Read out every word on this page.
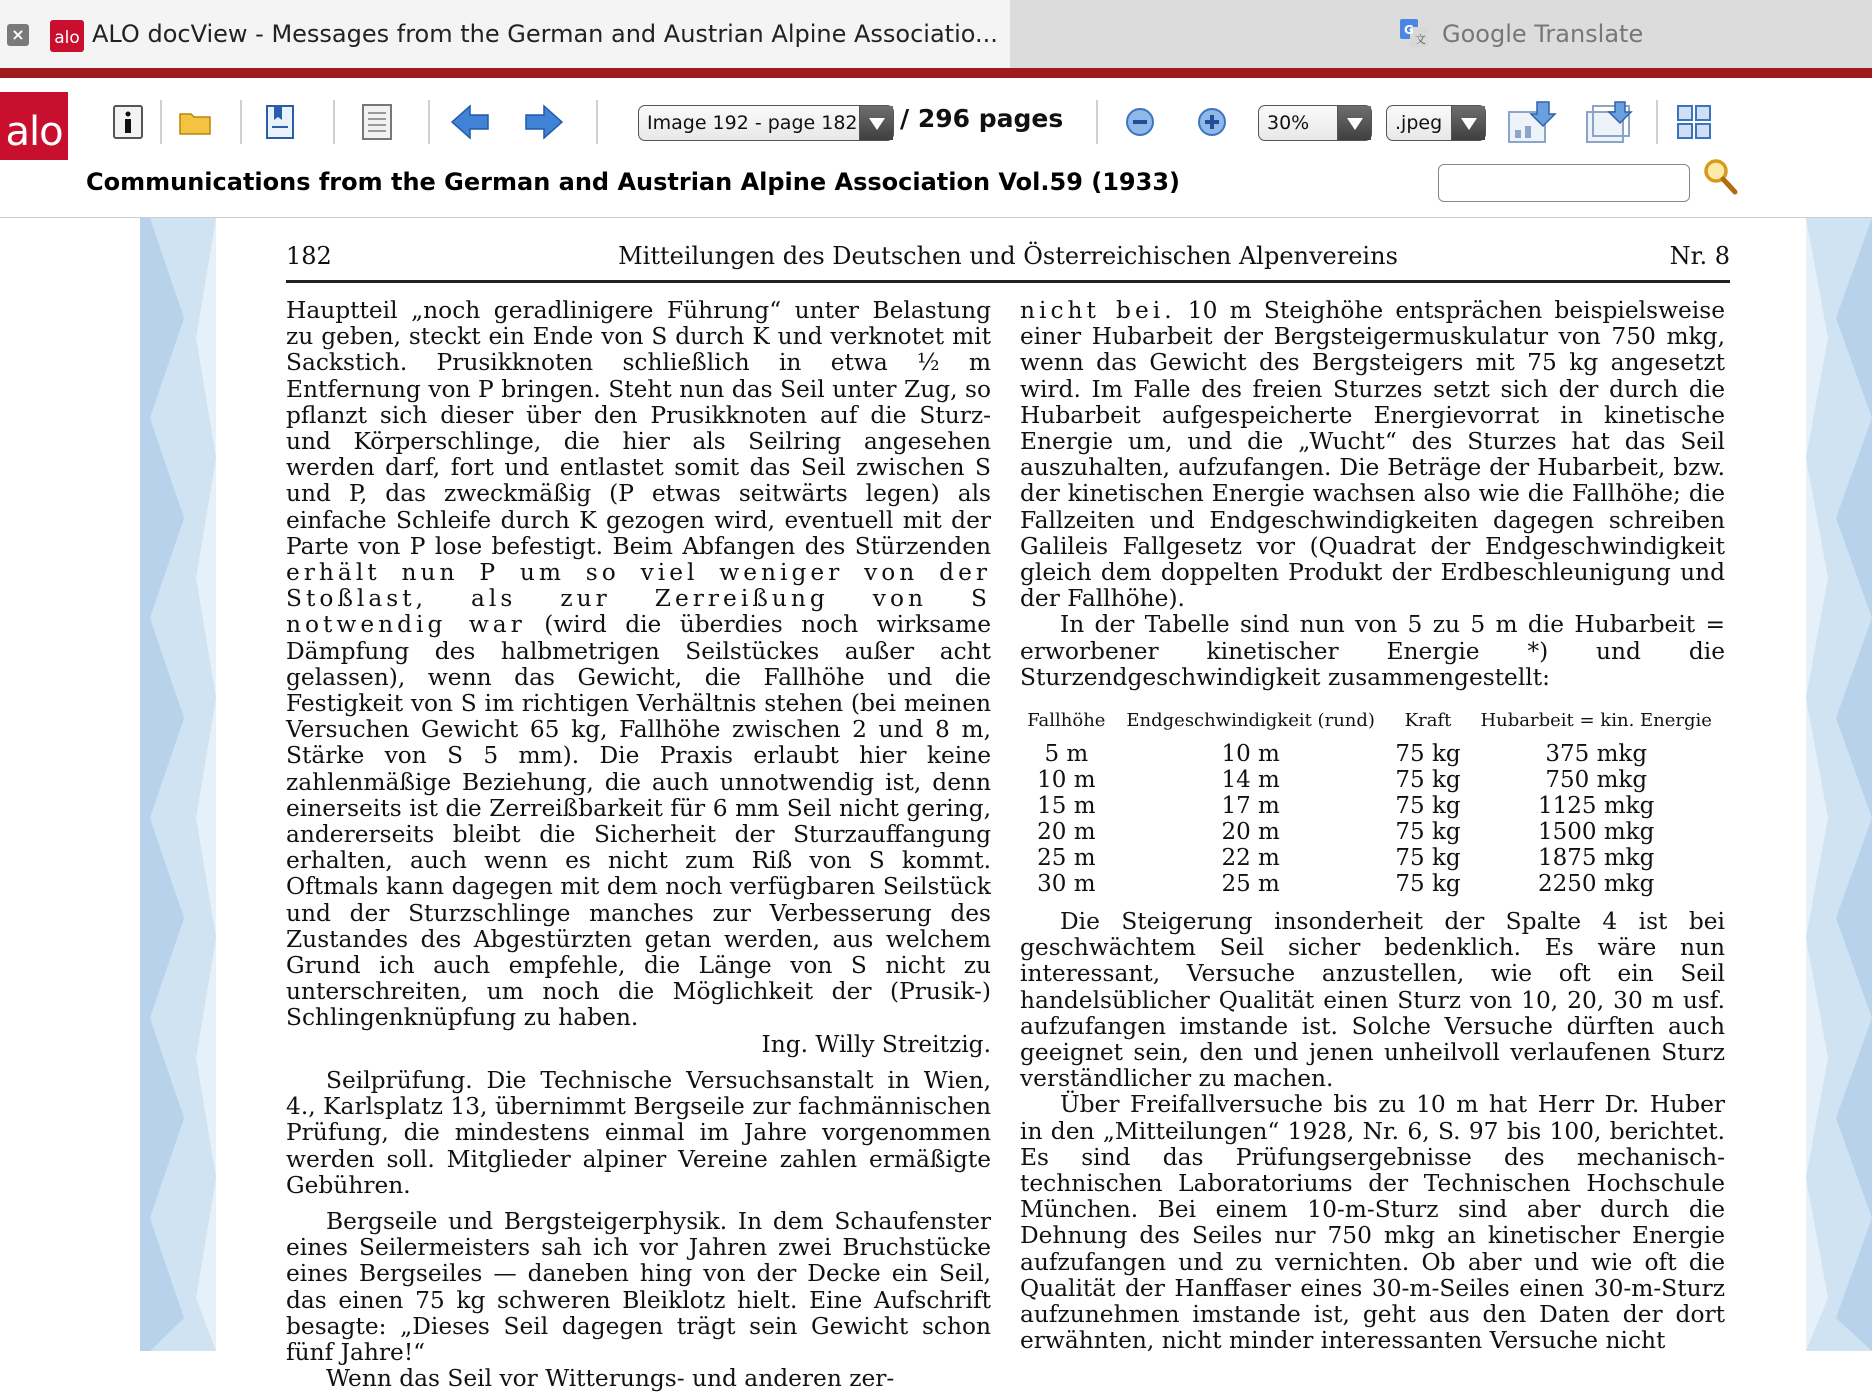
× alo ALO docView - Messages from the German and Austrian Alpine Associatio...	G
文 Google Translate
alo	Image 192 - page 182	/ 296 pages	30%	.jpeg
Communications from the German and Austrian Alpine Association Vol.59 (1933)
Mitteilungen des Deutschen und Österreichischen Alpenvereins
182	Nr. 8

Hauptteil „noch geradlinigere Führung“ unter Belastung zu geben, steckt ein Ende von S durch K und verknotet mit Sackstich. Prusikknoten schließlich in etwa ½ m Entfernung von P bringen. Steht nun das Seil unter Zug, so pflanzt sich dieser über den Prusikknoten auf die Sturz- und Körperschlinge, die hier als Seilring angesehen werden darf, fort und entlastet somit das Seil zwischen S und P, das zweckmäßig (P etwas seitwärts legen) als einfache Schleife durch K gezogen wird, eventuell mit der Parte von P lose befestigt. Beim Abfangen des Stürzenden erhält nun P um so viel weniger von der Stoßlast, als zur Zerreißung von S notwendig war (wird die überdies noch wirksame Dämpfung des halbmetrigen Seilstückes außer acht gelassen), wenn das Gewicht, die Fallhöhe und die Festigkeit von S im richtigen Verhältnis stehen (bei meinen Versuchen Gewicht 65 kg, Fallhöhe zwischen 2 und 8 m, Stärke von S 5 mm). Die Praxis erlaubt hier keine zahlenmäßige Beziehung, die auch unnotwendig ist, denn einerseits ist die Zerreißbarkeit für 6 mm Seil nicht gering, andererseits bleibt die Sicherheit der Sturzauffangung erhalten, auch wenn es nicht zum Riß von S kommt. Oftmals kann dagegen mit dem noch verfügbaren Seilstück und der Sturzschlinge manches zur Verbesserung des Zustandes des Abgestürzten getan werden, aus welchem Grund ich auch empfehle, die Länge von S nicht zu unterschreiten, um noch die Möglichkeit der (Prusik-) Schlingenknüpfung zu haben.

Ing. Willy Streitzig.

Seilprüfung. Die Technische Versuchsanstalt in Wien, 4., Karlsplatz 13, übernimmt Bergseile zur fachmännischen Prüfung, die mindestens einmal im Jahre vorgenommen werden soll. Mitglieder alpiner Vereine zahlen ermäßigte Gebühren.

Bergseile und Bergsteigerphysik. In dem Schaufenster eines Seilermeisters sah ich vor Jahren zwei Bruchstücke eines Bergseiles — daneben hing von der Decke ein Seil, das einen 75 kg schweren Bleiklotz hielt. Eine Aufschrift besagte: „Dieses Seil dagegen trägt sein Gewicht schon fünf Jahre!“

Wenn das Seil vor Witterungs- und anderen zer-

nicht bei. 10 m Steighöhe entsprächen beispielsweise einer Hubarbeit der Bergsteigermuskulatur von 750 mkg, wenn das Gewicht des Bergsteigers mit 75 kg angesetzt wird. Im Falle des freien Sturzes setzt sich der durch die Hubarbeit aufgespeicherte Energievorrat in kinetische Energie um, und die „Wucht“ des Sturzes hat das Seil auszuhalten, aufzufangen. Die Beträge der Hubarbeit, bzw. der kinetischen Energie wachsen also wie die Fallhöhe; die Fallzeiten und Endgeschwindigkeiten dagegen schreiben Galileis Fallgesetz vor (Quadrat der Endgeschwindigkeit gleich dem doppelten Produkt der Erdbeschleunigung und der Fallhöhe).

In der Tabelle sind nun von 5 zu 5 m die Hubarbeit = erworbener kinetischer Energie *) und die Sturzendgeschwindigkeit zusammengestellt:

Fallhöhe	Endgeschwindigkeit (rund)	Kraft	Hubarbeit = kin. Energie
5 m	10 m	75 kg	375 mkg
10 m	14 m	75 kg	750 mkg
15 m	17 m	75 kg	1125 mkg
20 m	20 m	75 kg	1500 mkg
25 m	22 m	75 kg	1875 mkg
30 m	25 m	75 kg	2250 mkg

Die Steigerung insonderheit der Spalte 4 ist bei geschwächtem Seil sicher bedenklich. Es wäre nun interessant, Versuche anzustellen, wie oft ein Seil handelsüblicher Qualität einen Sturz von 10, 20, 30 m usf. aufzufangen imstande ist. Solche Versuche dürften auch geeignet sein, den und jenen unheilvoll verlaufenen Sturz verständlicher zu machen.

Über Freifallversuche bis zu 10 m hat Herr Dr. Huber in den „Mitteilungen“ 1928, Nr. 6, S. 97 bis 100, berichtet. Es sind das Prüfungsergebnisse des mechanisch-technischen Laboratoriums der Technischen Hochschule München. Bei einem 10-m-Sturz sind aber durch die Dehnung des Seiles nur 750 mkg an kinetischer Energie aufzufangen und zu vernichten. Ob aber und wie oft die Qualität der Hanffaser eines 30-m-Seiles einen 30-m-Sturz aufzunehmen imstande ist, geht aus den Daten der dort erwähnten, nicht minder interessanten Versuche nicht
